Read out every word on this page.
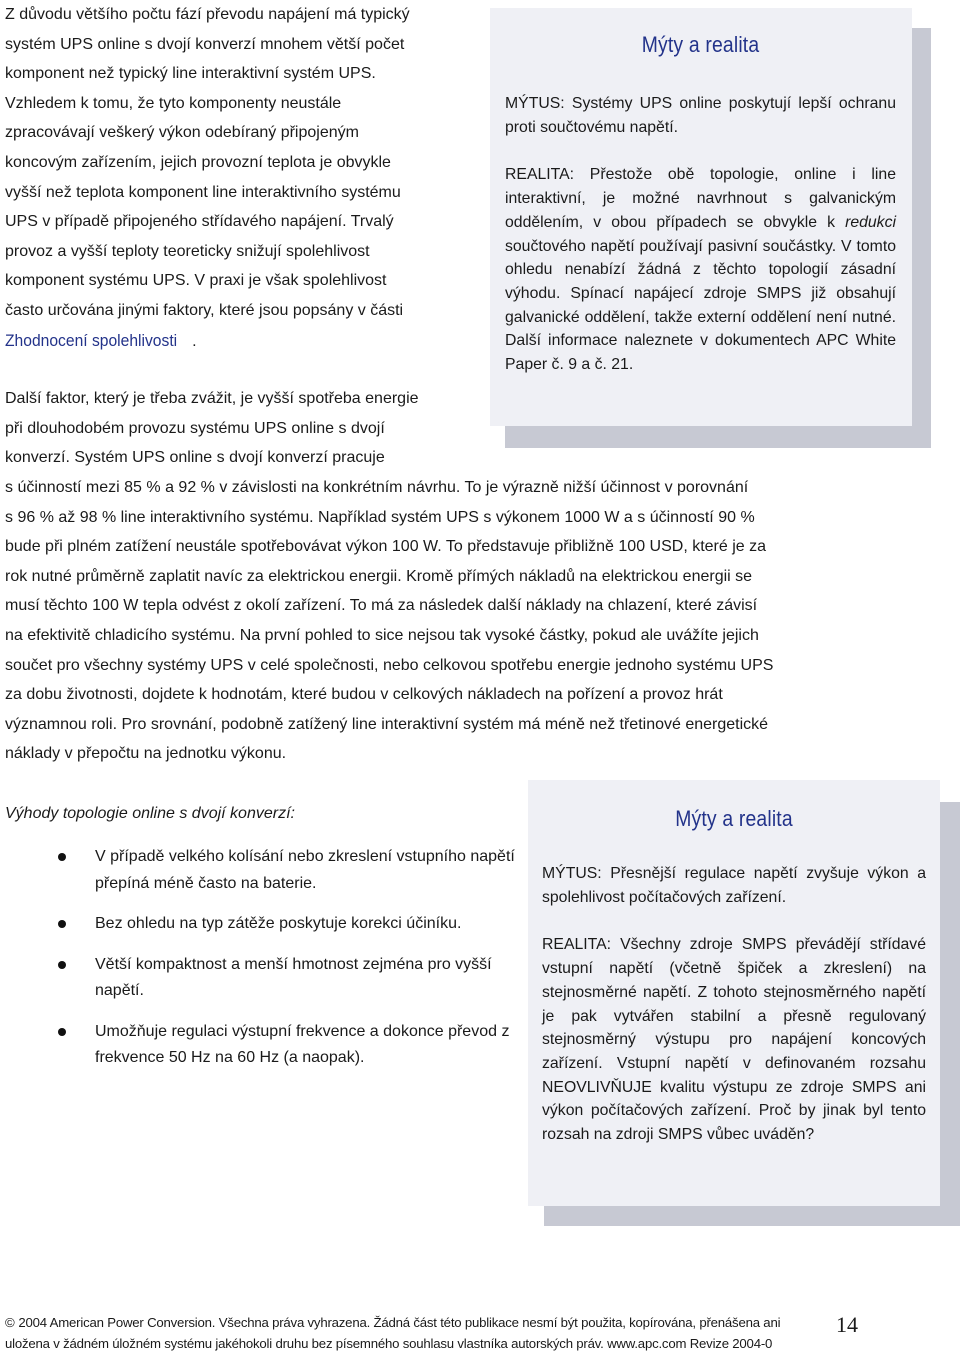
Z důvodu většího počtu fází převodu napájení má typický
systém UPS online s dvojí konverzí mnohem větší počet
komponent než typický line interaktivní systém UPS.
Vzhledem k tomu, že tyto komponenty neustále
zpracovávají veškerý výkon odebíraný připojeným
koncovým zařízením, jejich provozní teplota je obvykle
vyšší než teplota komponent line interaktivního systému
UPS v případě připojeného střídavého napájení. Trvalý
provoz a vyšší teploty teoreticky snižují spolehlivost
komponent systému UPS. V praxi je však spolehlivost
často určována jinými faktory, které jsou popsány v části
Zhodnocení spolehlivosti .
Další faktor, který je třeba zvážit, je vyšší spotřeba energie
při dlouhodobém provozu systému UPS online s dvojí
konverzí. Systém UPS online s dvojí konverzí pracuje
s účinností mezi 85 % a 92 % v závislosti na konkrétním návrhu. To je výrazně nižší účinnost v porovnání
s 96 % až 98 % line interaktivního systému. Například systém UPS s výkonem 1000 W a s účinností 90 %
bude při plném zatížení neustále spotřebovávat výkon 100 W. To představuje přibližně 100 USD, které je za
rok nutné průměrně zaplatit navíc za elektrickou energii. Kromě přímých nákladů na elektrickou energii se
musí těchto 100 W tepla odvést z okolí zařízení. To má za následek další náklady na chlazení, které závisí
na efektivitě chladicího systému. Na první pohled to sice nejsou tak vysoké částky, pokud ale uvážíte jejich
součet pro všechny systémy UPS v celé společnosti, nebo celkovou spotřebu energie jednoho systému UPS
za dobu životnosti, dojdete k hodnotám, které budou v celkových nákladech na pořízení a provoz hrát
významnou roli. Pro srovnání, podobně zatížený line interaktivní systém má méně než třetinové energetické
náklady v přepočtu na jednotku výkonu.
Mýty a realita

MÝTUS: Systémy UPS online poskytují lepší ochranu proti součtovému napětí.

REALITA: Přestože obě topologie, online i line interaktivní, je možné navrhnout s galvanickým oddělením, v obou případech se obvykle k redukci součtového napětí používají pasivní součástky. V tomto ohledu nenabízí žádná z těchto topologií zásadní výhodu. Spínací napájecí zdroje SMPS již obsahují galvanické oddělení, takže externí oddělení není nutné. Další informace naleznete v dokumentech APC White Paper č. 9 a č. 21.

Výhody topologie online s dvojí konverzí:
V případě velkého kolísání nebo zkreslení vstupního napětí přepíná méně často na baterie.
Bez ohledu na typ zátěže poskytuje korekci účiníku.
Větší kompaktnost a menší hmotnost zejména pro vyšší napětí.
Umožňuje regulaci výstupní frekvence a dokonce převod z frekvence 50 Hz na 60 Hz (a naopak).
Mýty a realita

MÝTUS: Přesnější regulace napětí zvyšuje výkon a spolehlivost počítačových zařízení.

REALITA: Všechny zdroje SMPS převádějí střídavé vstupní napětí (včetně špiček a zkreslení) na stejnosměrné napětí. Z tohoto stejnosměrného napětí je pak vytvářen stabilní a přesně regulovaný stejnosměrný výstupu pro napájení koncových zařízení. Vstupní napětí v definovaném rozsahu NEOVLIVŇUJE kvalitu výstupu ze zdroje SMPS ani výkon počítačových zařízení. Proč by jinak byl tento rozsah na zdroji SMPS vůbec uváděn?

© 2004 American Power Conversion. Všechna práva vyhrazena. Žádná část této publikace nesmí být použita, kopírována, přenášena ani
uložena v žádném úložném systému jakéhokoli druhu bez písemného souhlasu vlastníka autorských práv. www.apc.com Revize 2004-0
14
